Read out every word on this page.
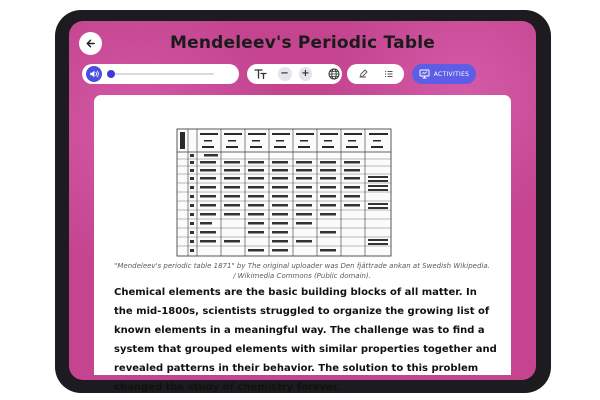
Mendeleev's Periodic Table
− +	ACTIVITIES

"Mendeleev's periodic table 1871" by The original uploader was Den fjättrade ankan at Swedish Wikipedia. / Wikimedia Commons (Public domain).

Chemical elements are the basic building blocks of all matter. In the mid-1800s, scientists struggled to organize the growing list of known elements in a meaningful way. The challenge was to find a system that grouped elements with similar properties together and revealed patterns in their behavior. The solution to this problem changed the study of chemistry forever.
